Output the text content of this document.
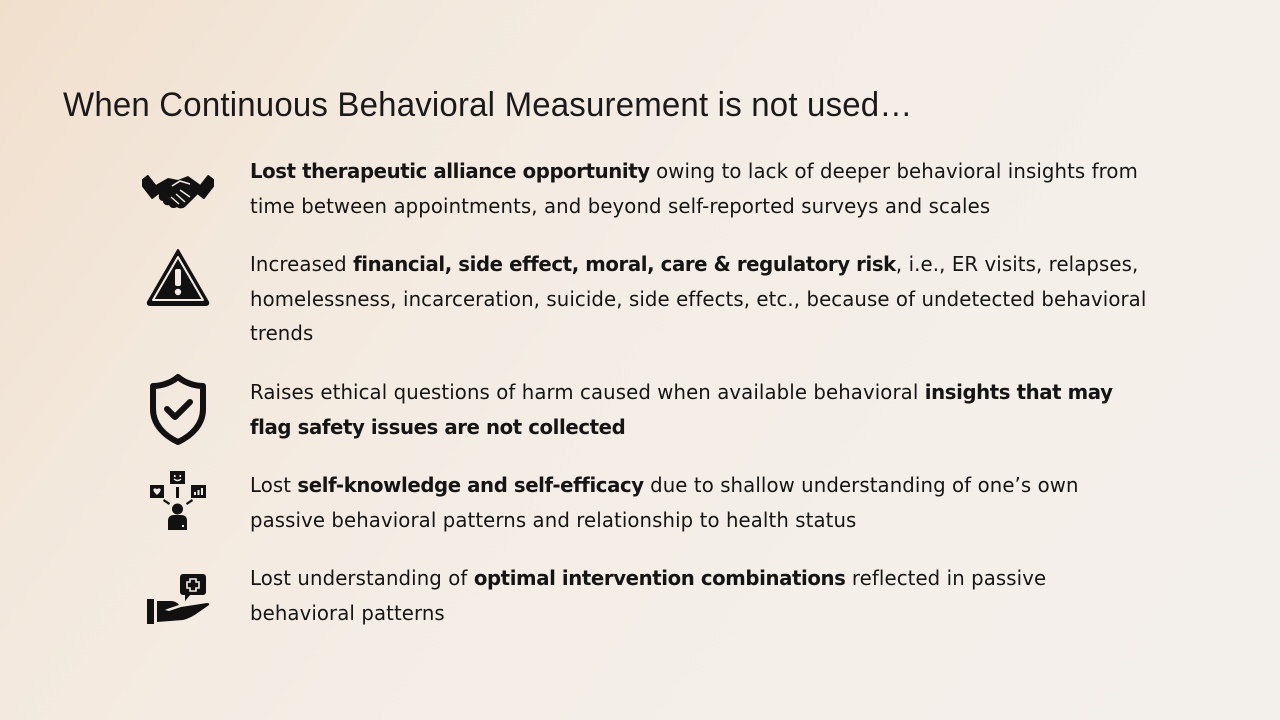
When Continuous Behavioral Measurement is not used…
Lost therapeutic alliance opportunity owing to lack of deeper behavioral insights from time between appointments, and beyond self-reported surveys and scales
Increased financial, side effect, moral, care & regulatory risk, i.e., ER visits, relapses, homelessness, incarceration, suicide, side effects, etc., because of undetected behavioral trends
Raises ethical questions of harm caused when available behavioral insights that may flag safety issues are not collected
Lost self-knowledge and self-efficacy due to shallow understanding of one’s own passive behavioral patterns and relationship to health status
Lost understanding of optimal intervention combinations reflected in passive behavioral patterns
